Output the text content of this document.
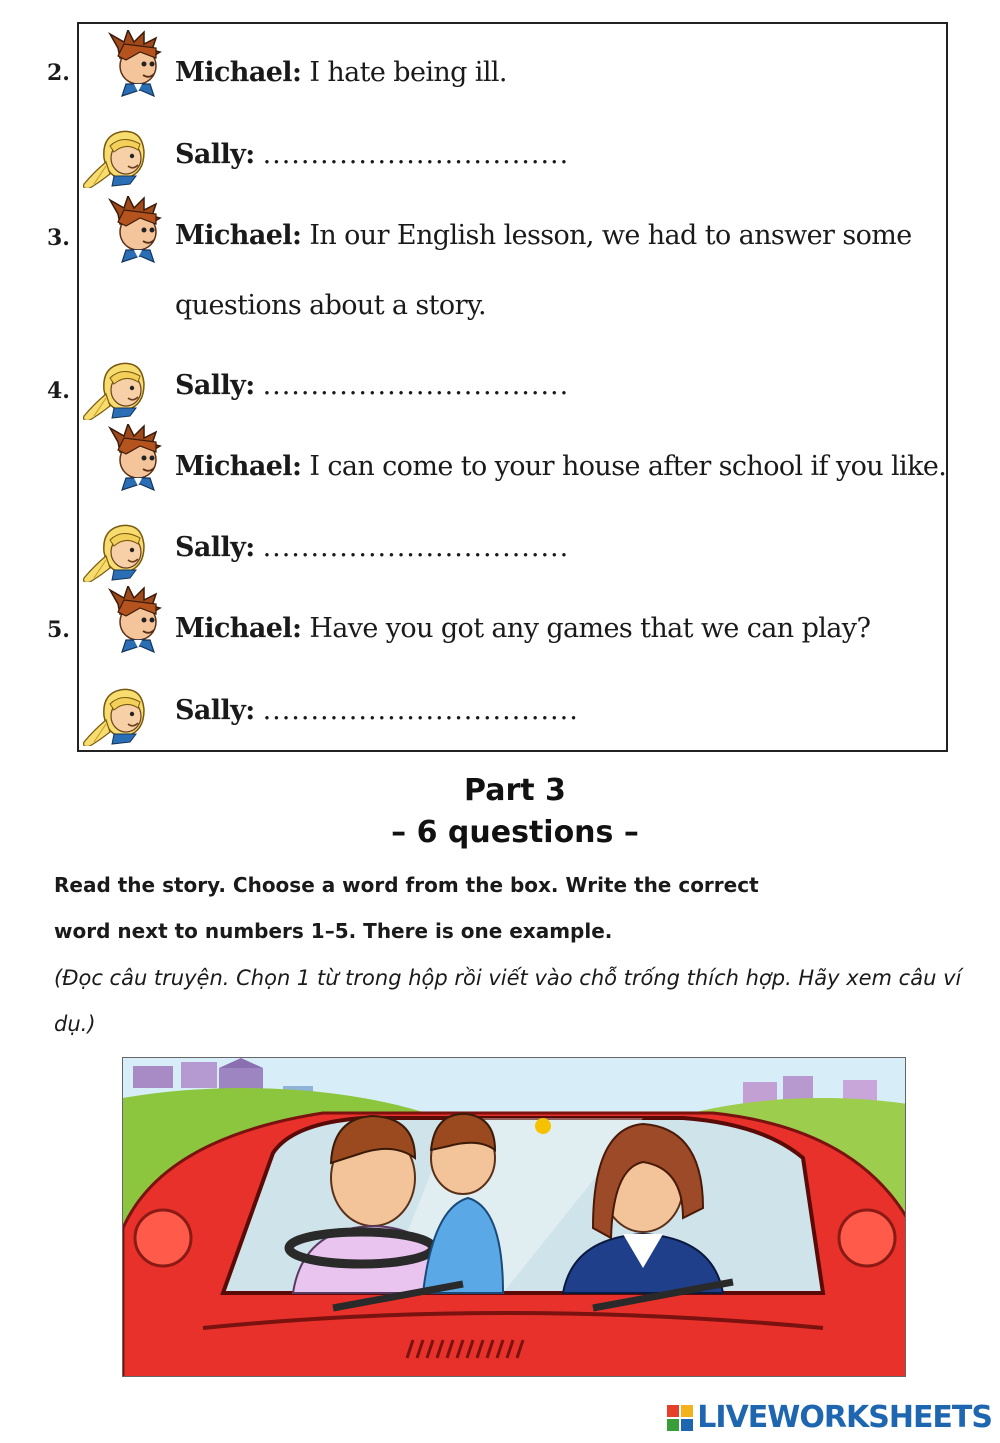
2.	Michael: I hate being ill.
Sally: ................................
3.	Michael: In our English lesson, we had to answer some
questions about a story.
4.	Sally: ................................
Michael: I can come to your house after school if you like.
Sally: ................................
5.	Michael: Have you got any games that we can play?
Sally: .................................
Part 3
– 6 questions –
Read the story. Choose a word from the box. Write the correct
word next to numbers 1–5. There is one example.
(Đọc câu truyện. Chọn 1 từ trong hộp rồi viết vào chỗ trống thích hợp. Hãy xem câu ví dụ.)
LIVEWORKSHEETS
